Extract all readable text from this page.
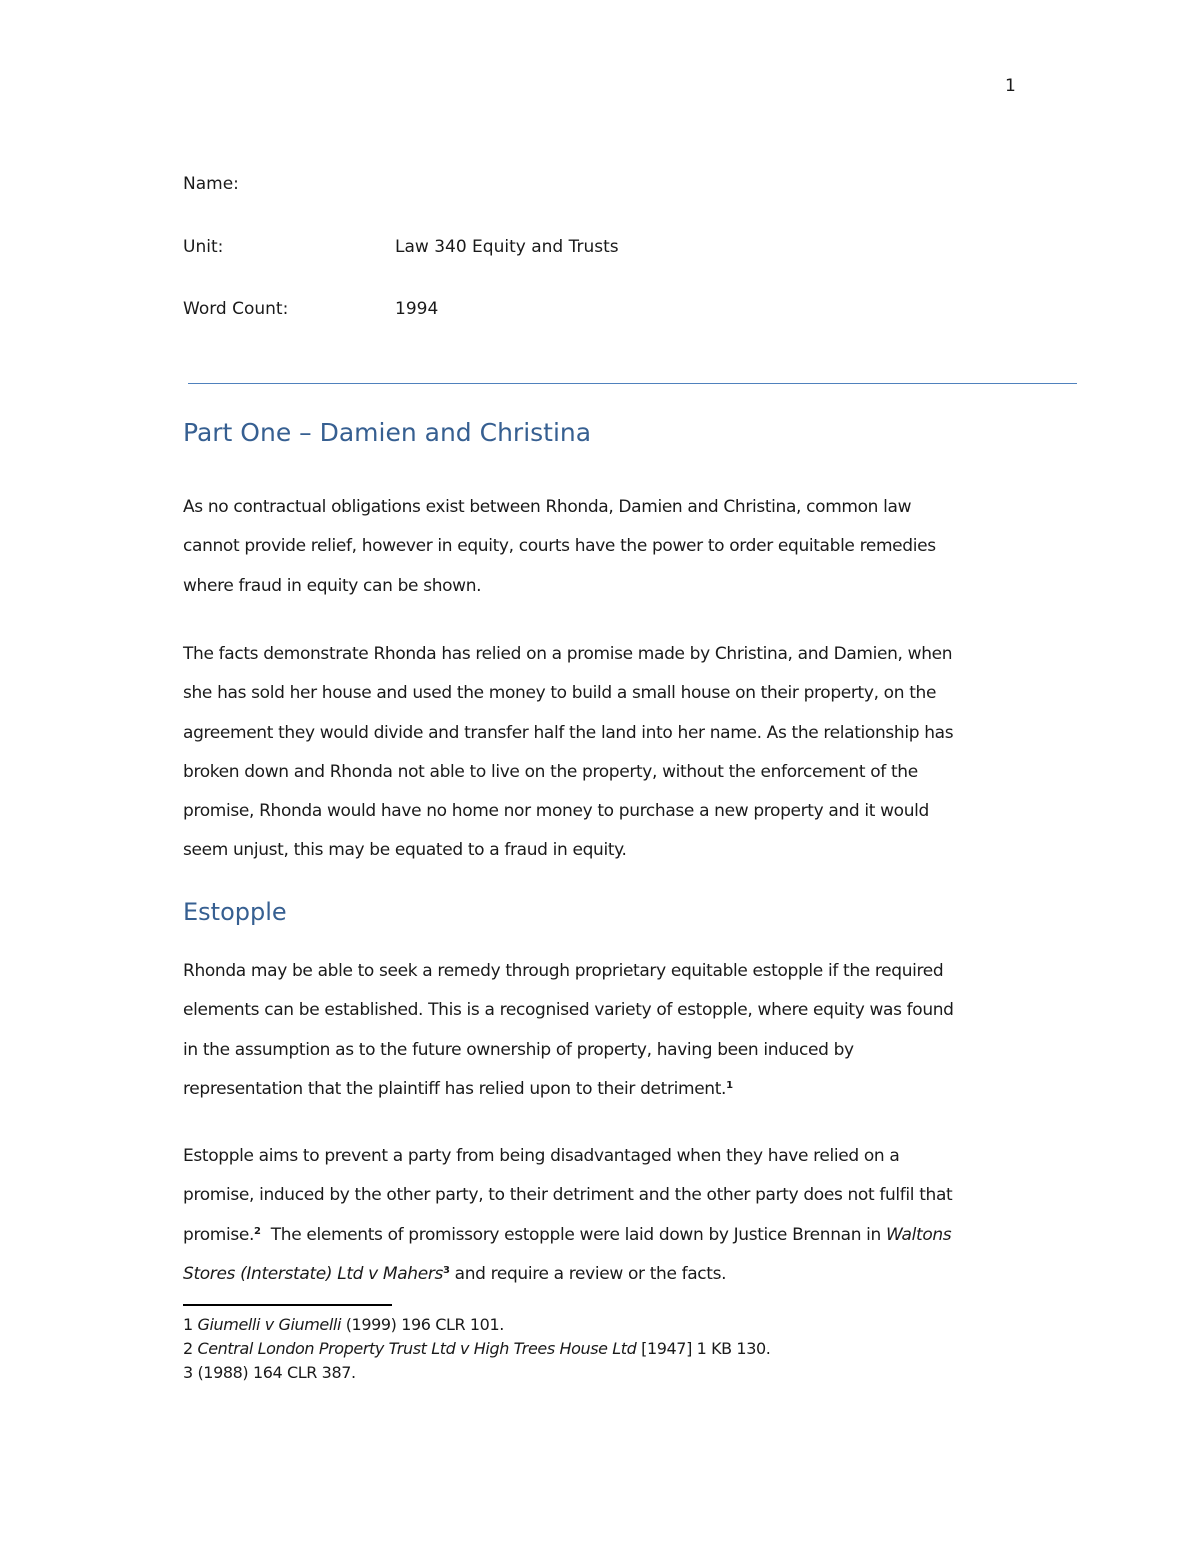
1
Name:
Unit:	Law 340 Equity and Trusts
Word Count:	1994
Part One – Damien and Christina
As no contractual obligations exist between Rhonda, Damien and Christina, common law
cannot provide relief, however in equity, courts have the power to order equitable remedies
where fraud in equity can be shown.
The facts demonstrate Rhonda has relied on a promise made by Christina, and Damien, when
she has sold her house and used the money to build a small house on their property, on the
agreement they would divide and transfer half the land into her name. As the relationship has
broken down and Rhonda not able to live on the property, without the enforcement of the
promise, Rhonda would have no home nor money to purchase a new property and it would
seem unjust, this may be equated to a fraud in equity.
Estopple
Rhonda may be able to seek a remedy through proprietary equitable estopple if the required
elements can be established. This is a recognised variety of estopple, where equity was found
in the assumption as to the future ownership of property, having been induced by
representation that the plaintiff has relied upon to their detriment.$^1$
Estopple aims to prevent a party from being disadvantaged when they have relied on a
promise, induced by the other party, to their detriment and the other party does not fulfil that
promise.$^2$  The elements of promissory estopple were laid down by Justice Brennan in Waltons
Stores (Interstate) Ltd v Mahers$^3$ and require a review or the facts.
1 Giumelli v Giumelli (1999) 196 CLR 101.
2 Central London Property Trust Ltd v High Trees House Ltd [1947] 1 KB 130.
3 (1988) 164 CLR 387.
